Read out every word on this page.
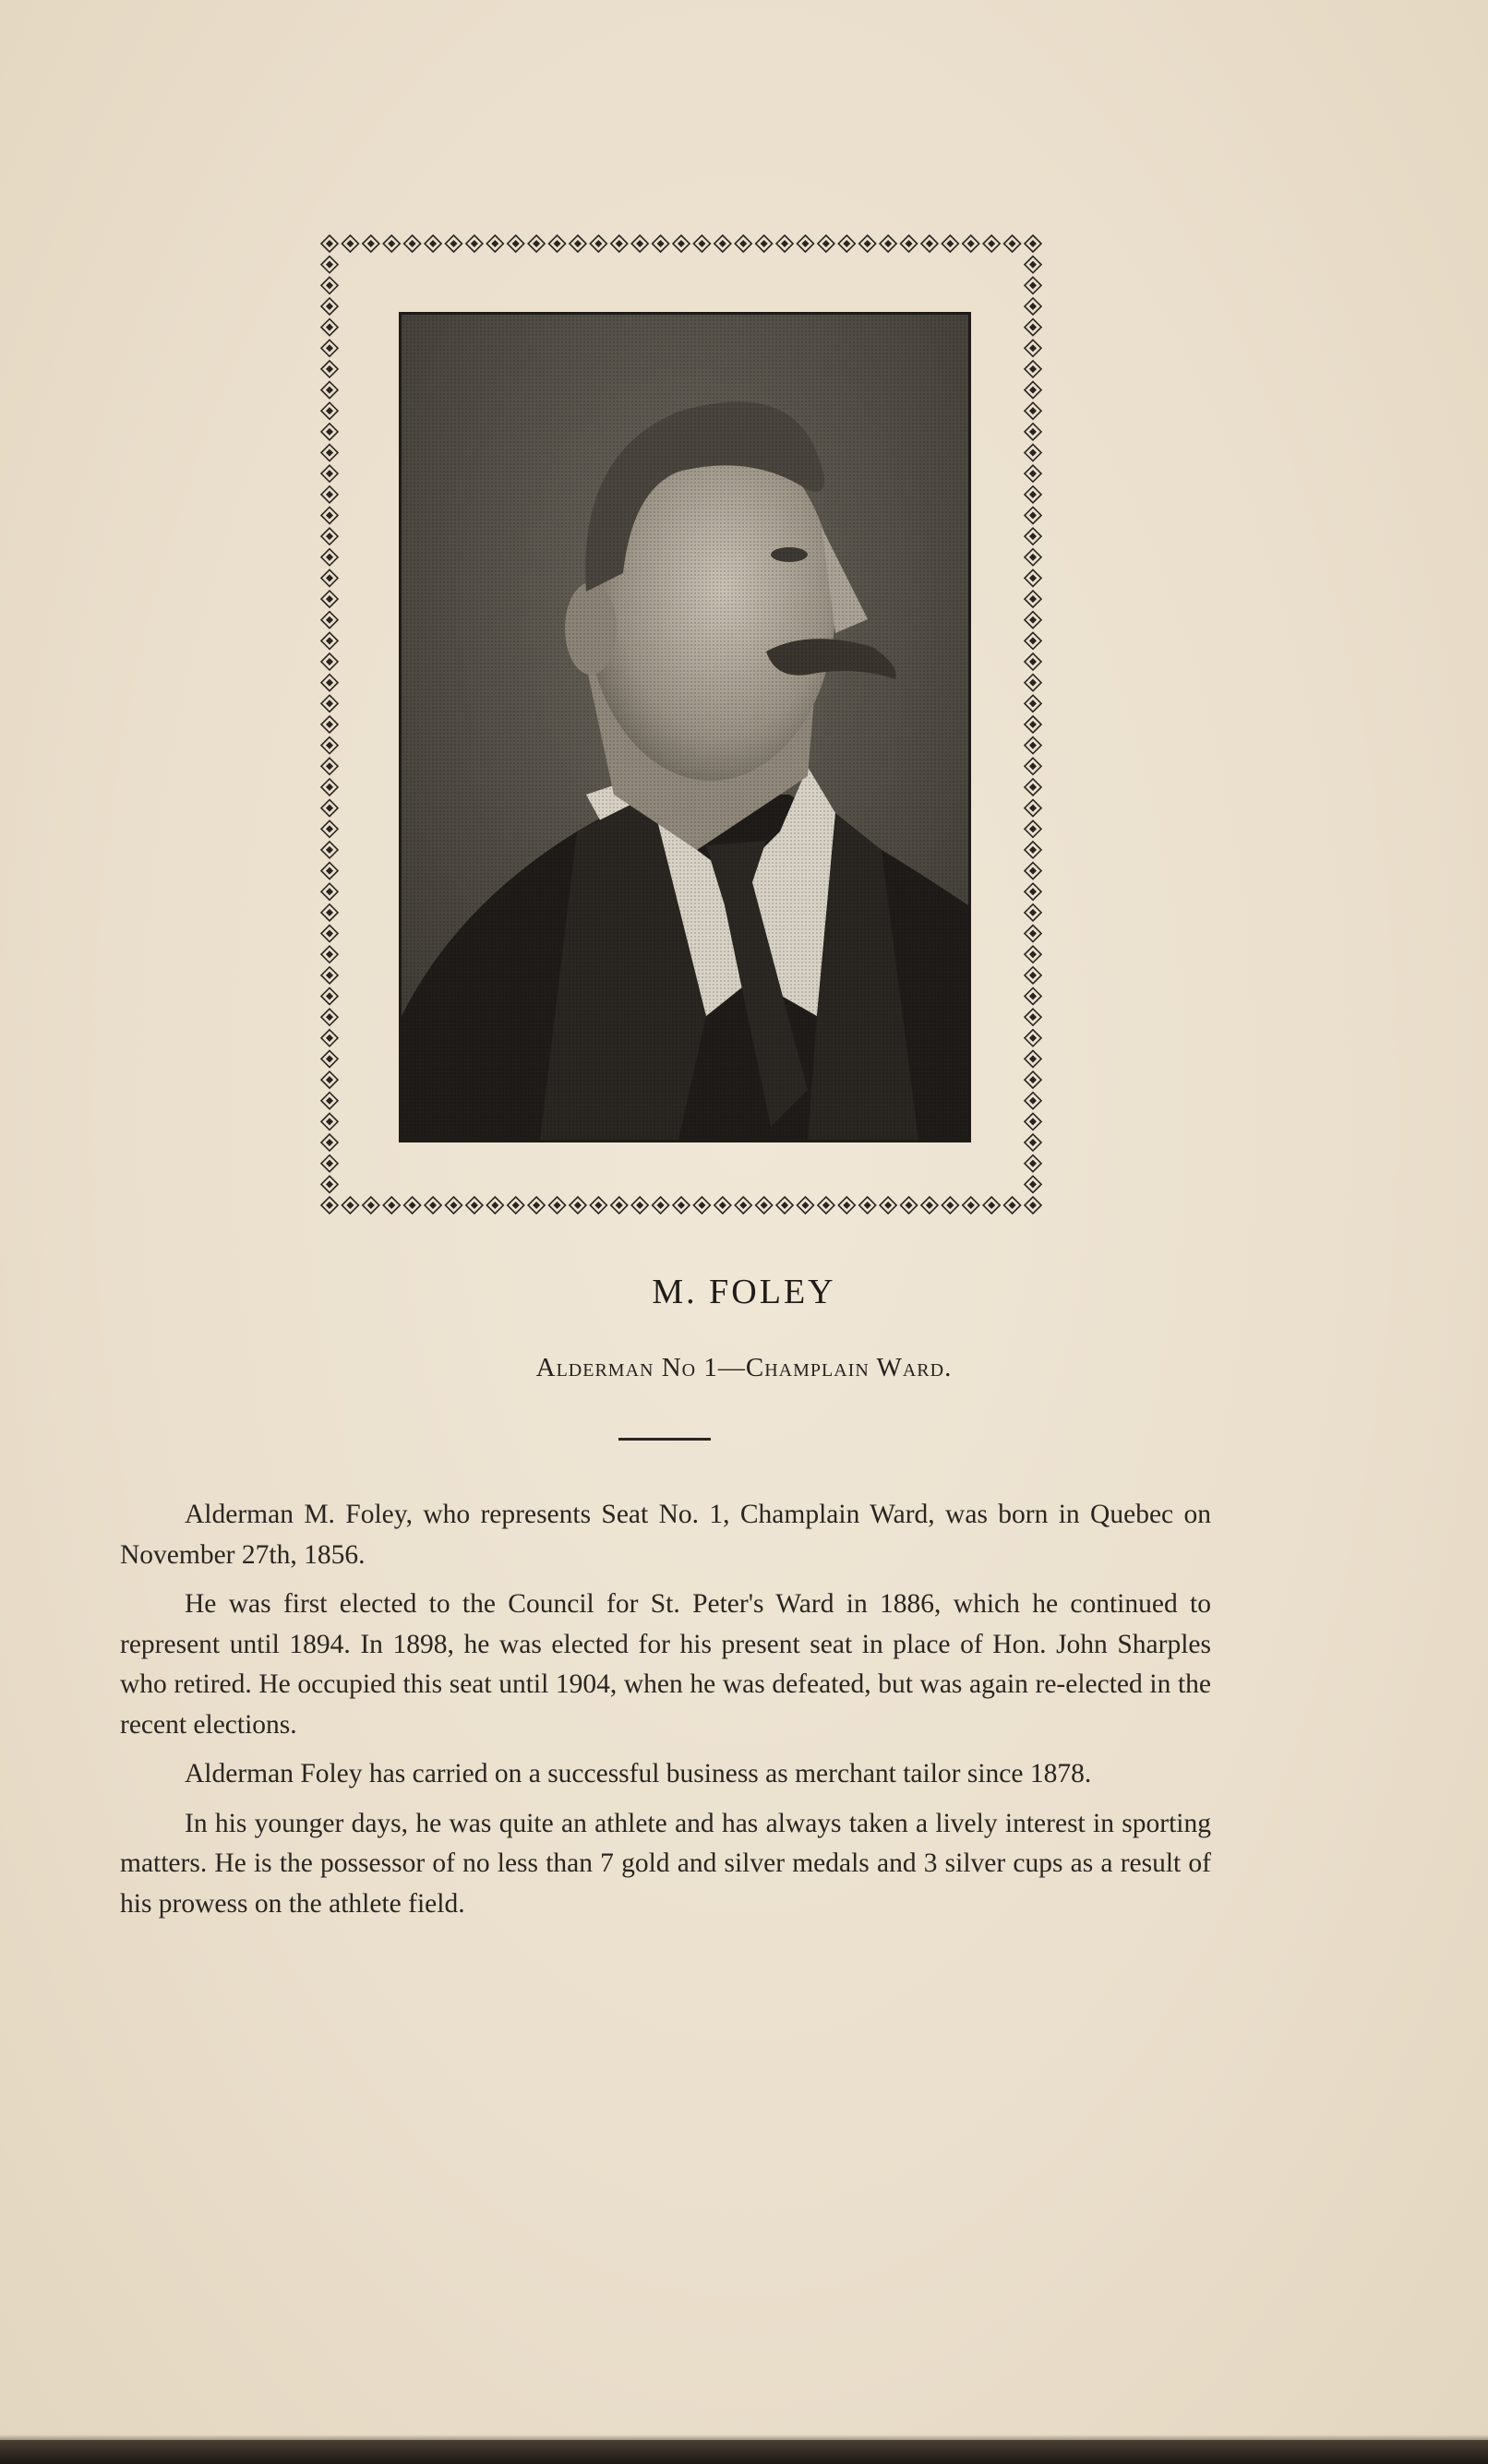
M. FOLEY
Alderman No 1—Champlain Ward.

Alderman M. Foley, who represents Seat No. 1, Champlain Ward, was born in Quebec on November 27th, 1856.

He was first elected to the Council for St. Peter's Ward in 1886, which he continued to represent until 1894. In 1898, he was elected for his present seat in place of Hon. John Sharples who retired. He occupied this seat until 1904, when he was defeated, but was again re-elected in the recent elections.

Alderman Foley has carried on a successful business as merchant tailor since 1878.

In his younger days, he was quite an athlete and has always taken a lively interest in sporting matters. He is the possessor of no less than 7 gold and silver medals and 3 silver cups as a result of his prowess on the athlete field.
